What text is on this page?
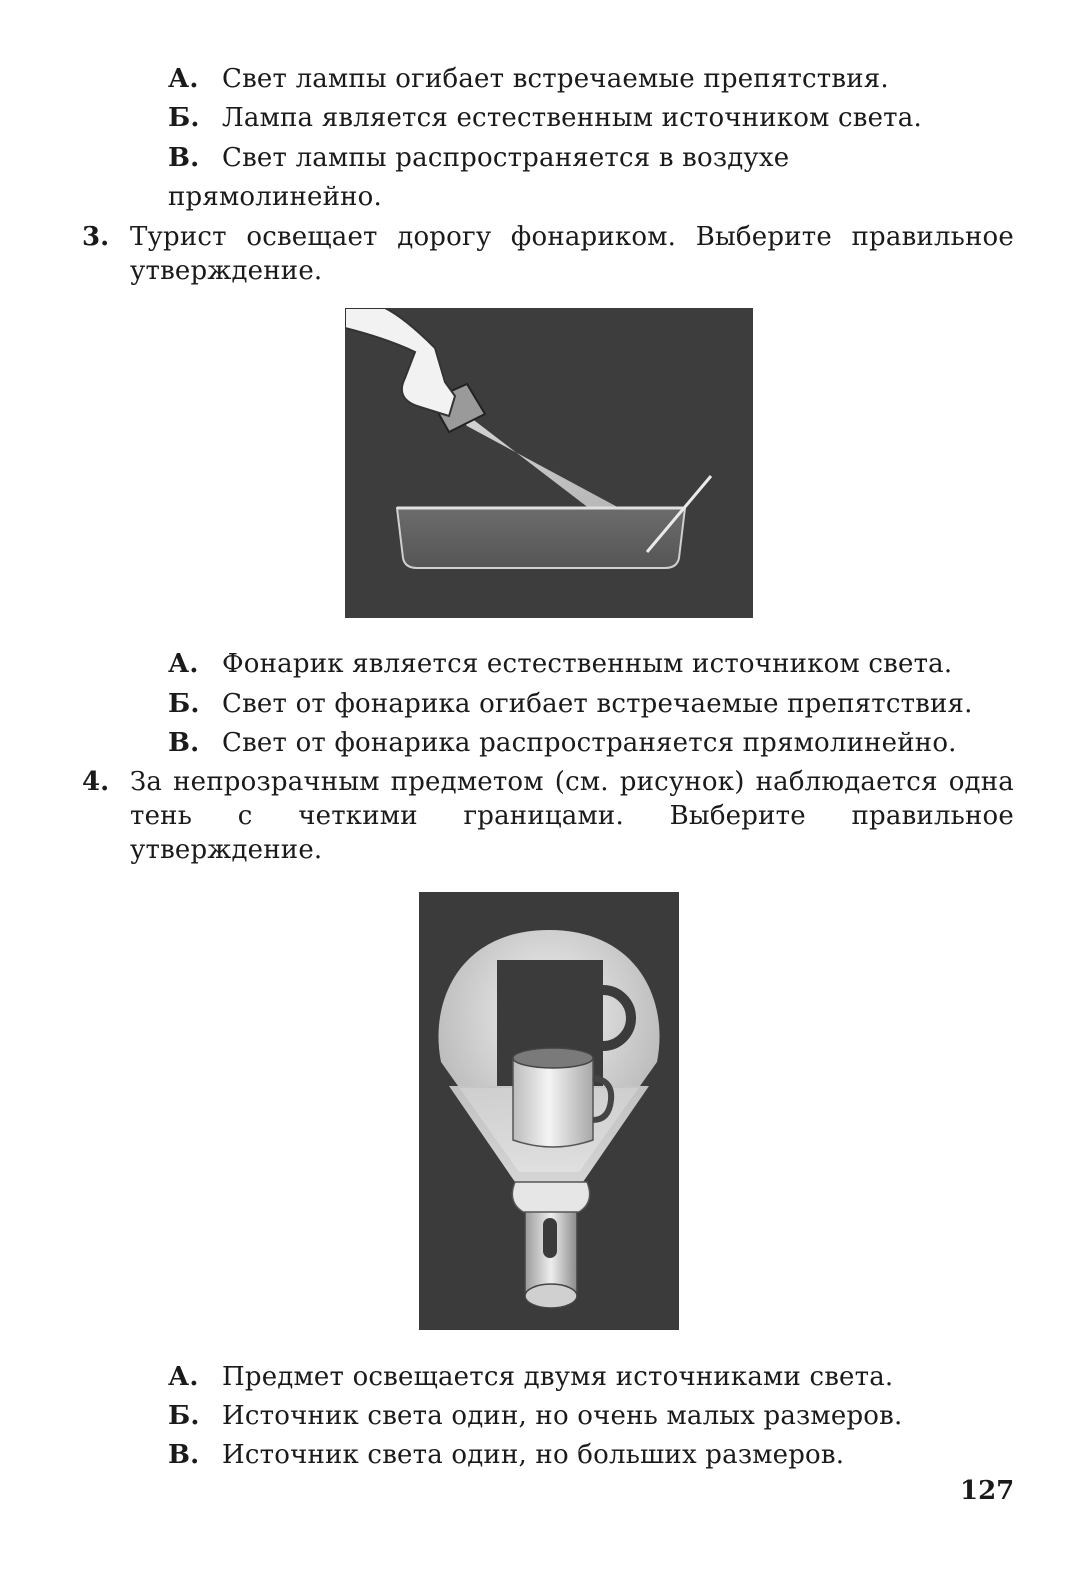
А. Свет лампы огибает встречаемые препятствия.
Б. Лампа является естественным источником света.
В. Свет лампы распространяется в воздухе
прямолинейно.
3. Турист освещает дорогу фонариком. Выберите правильное утверждение.
А. Фонарик является естественным источником света.
Б. Свет от фонарика огибает встречаемые препятствия.
В. Свет от фонарика распространяется прямолинейно.
4. За непрозрачным предметом (см. рисунок) наблюдается одна тень с четкими границами. Выберите правильное утверждение.
А. Предмет освещается двумя источниками света.
Б. Источник света один, но очень малых размеров.
В. Источник света один, но больших размеров.
127
